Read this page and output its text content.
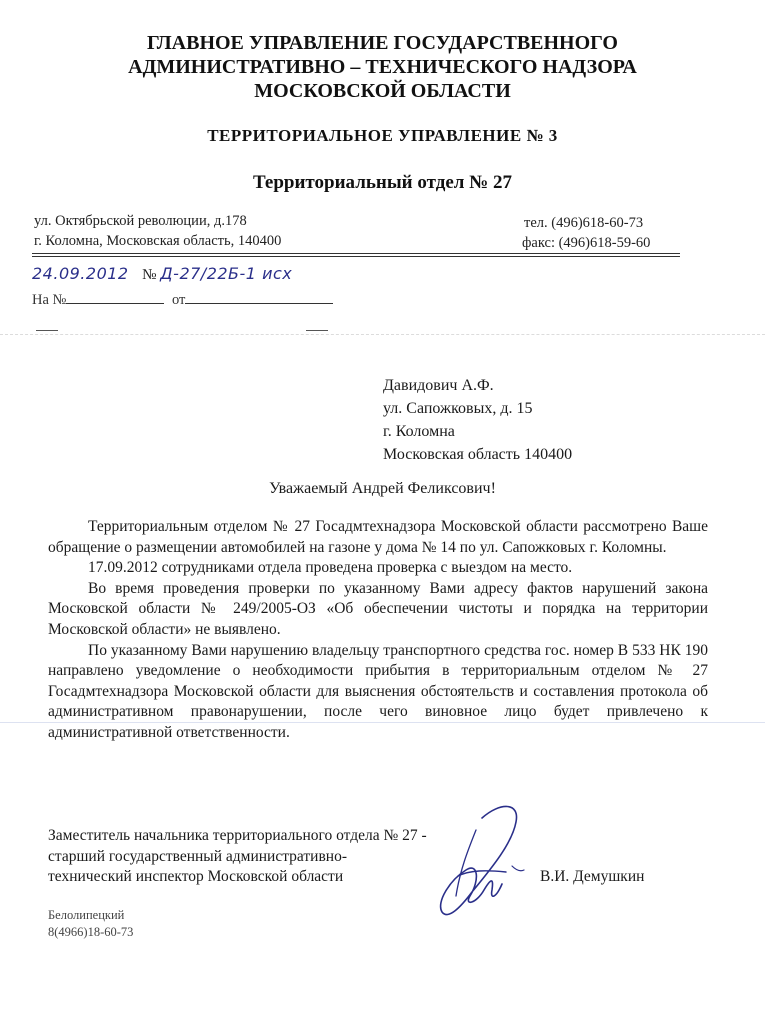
ГЛАВНОЕ УПРАВЛЕНИЕ ГОСУДАРСТВЕННОГО
АДМИНИСТРАТИВНО – ТЕХНИЧЕСКОГО НАДЗОРА
МОСКОВСКОЙ ОБЛАСТИ
ТЕРРИТОРИАЛЬНОЕ УПРАВЛЕНИЕ № 3
Территориальный отдел № 27
ул. Октябрьской революции, д.178
г. Коломна, Московская область, 140400
тел. (496)618-60-73
факс: (496)618-59-60
24.09.2012 № Д-27/22Б-1 исх
На №	от
Давидович А.Ф.
ул. Сапожковых, д. 15
г. Коломна
Московская область 140400
Уважаемый Андрей Феликсович!

Территориальным отделом № 27 Госадмтехнадзора Московской области рассмотрено Ваше обращение о размещении автомобилей на газоне у дома № 14 по ул. Сапожковых г. Коломны.

17.09.2012 сотрудниками отдела проведена проверка с выездом на место.

Во время проведения проверки по указанному Вами адресу фактов нарушений закона Московской области № 249/2005-ОЗ «Об обеспечении чистоты и порядка на территории Московской области» не выявлено.

По указанному Вами нарушению владельцу транспортного средства гос. номер В 533 НК 190 направлено уведомление о необходимости прибытия в территориальным отделом № 27 Госадмтехнадзора Московской области для выяснения обстоятельств и составления протокола об административном правонарушении, после чего виновное лицо будет привлечено к административной ответственности.

Заместитель начальника территориального отдела № 27 -
старший государственный административно-
технический инспектор Московской области	В.И. Демушкин
Белолипецкий
8(4966)18-60-73
